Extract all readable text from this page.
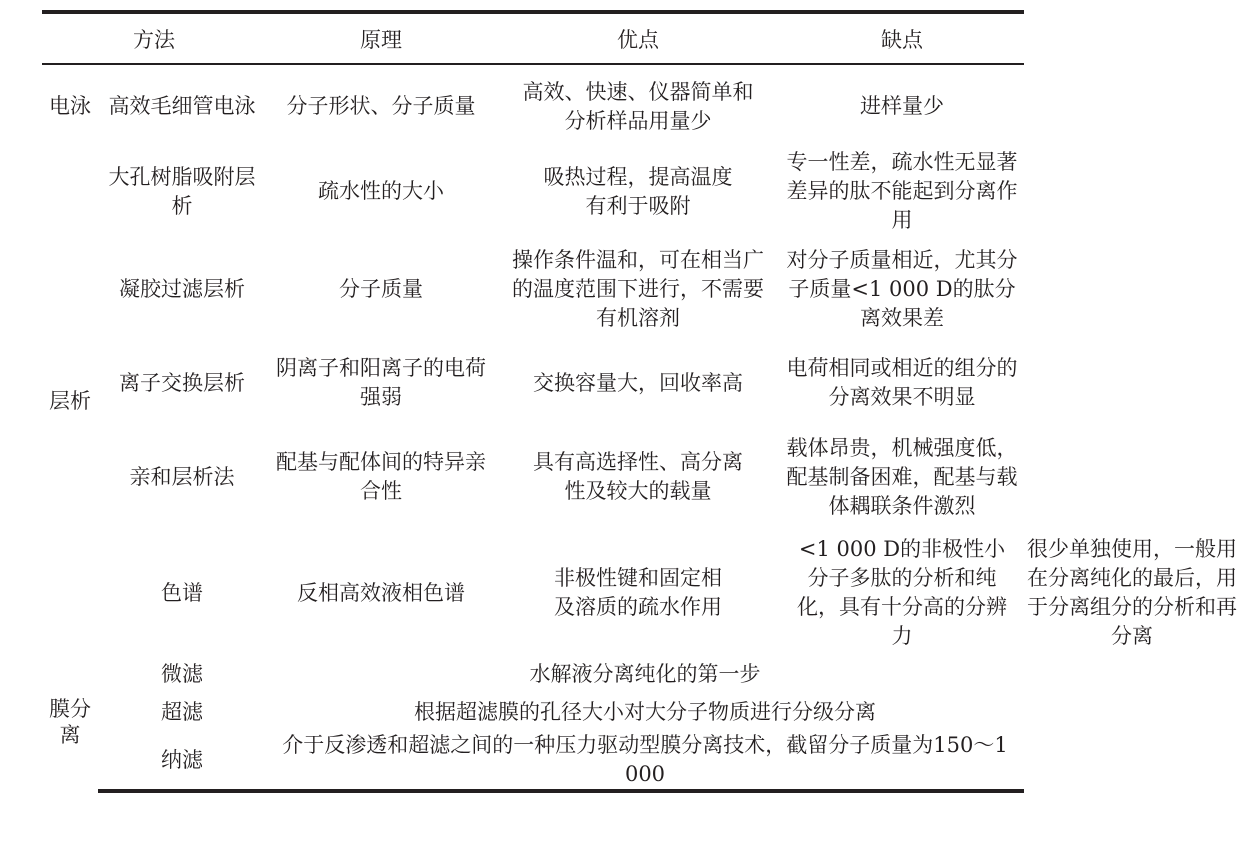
方法		原理	优点	缺点	
电泳	高效毛细管电泳	分子形状、分子质量	高效、快速、仪器简单和分析样品用量少	进样量少	
层析	大孔树脂吸附层析	疏水性的大小	吸热过程，提高温度有利于吸附	专一性差，疏水性无显著差异的肽不能起到分离作用	
	凝胶过滤层析	分子质量	操作条件温和，可在相当广的温度范围下进行，不需要有机溶剂	对分子质量相近，尤其分子质量<1 000 D的肽分离效果差	
	离子交换层析	阴离子和阳离子的电荷强弱	交换容量大，回收率高	电荷相同或相近的组分的分离效果不明显	
	亲和层析法	配基与配体间的特异亲合性	具有高选择性、高分离性及较大的载量	载体昂贵，机械强度低，配基制备困难，配基与载体耦联条件激烈	
	色谱	反相高效液相色谱	非极性键和固定相及溶质的疏水作用	<1 000 D的非极性小分子多肽的分析和纯化，具有十分高的分辨力	很少单独使用，一般用在分离纯化的最后，用于分离组分的分析和再分离
膜分离	微滤	水解液分离纯化的第一步			
	超滤	根据超滤膜的孔径大小对大分子物质进行分级分离			
	纳滤	介于反渗透和超滤之间的一种压力驱动型膜分离技术，截留分子质量为150～1 000			
